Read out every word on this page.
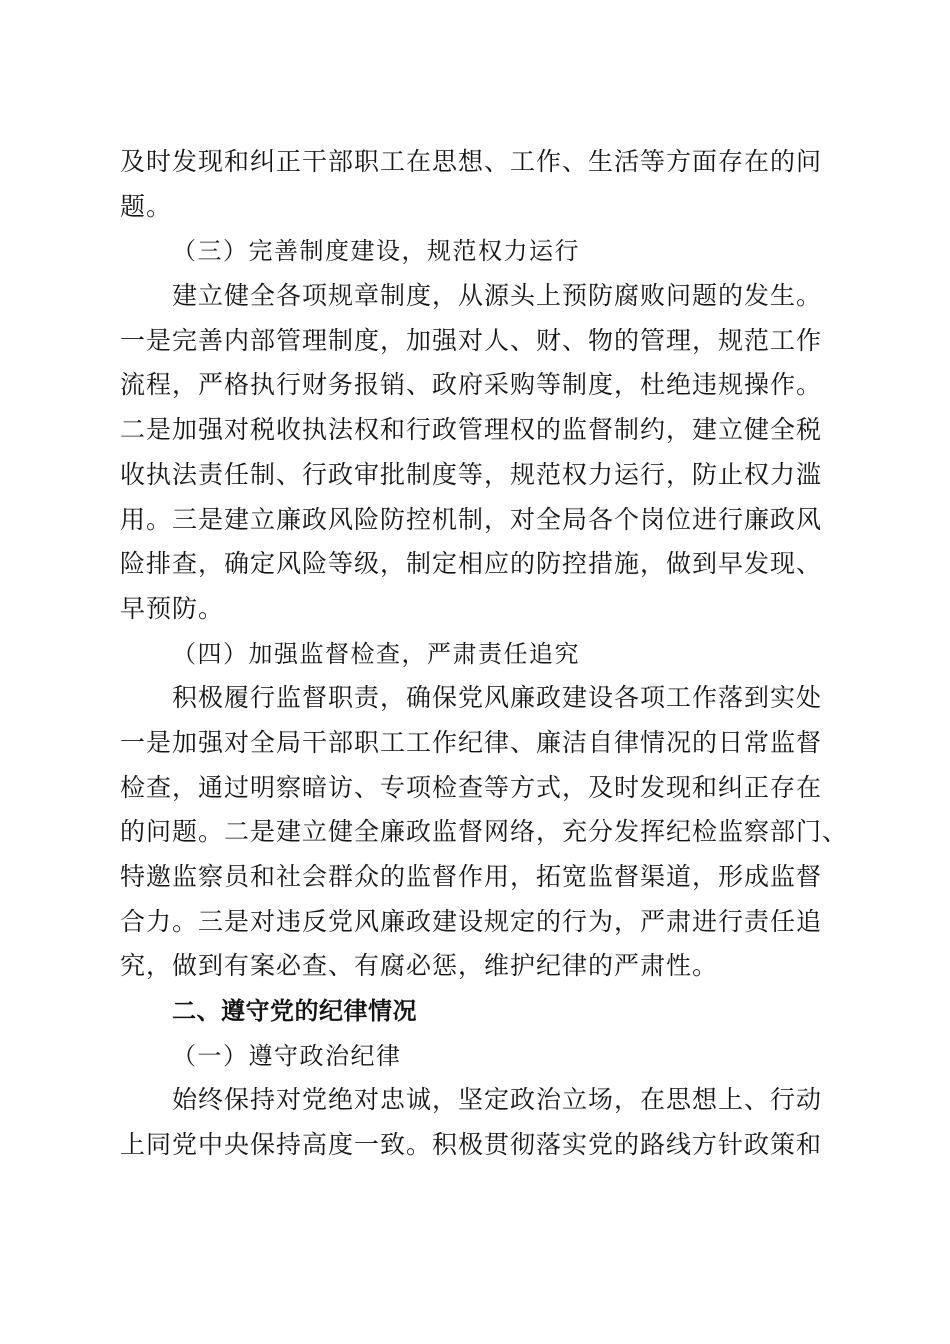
及时发现和纠正干部职工在思想、工作、生活等方面存在的问
题。
（三）完善制度建设，规范权力运行
建立健全各项规章制度，从源头上预防腐败问题的发生。
一是完善内部管理制度，加强对人、财、物的管理，规范工作
流程，严格执行财务报销、政府采购等制度，杜绝违规操作。
二是加强对税收执法权和行政管理权的监督制约，建立健全税
收执法责任制、行政审批制度等，规范权力运行，防止权力滥
用。三是建立廉政风险防控机制，对全局各个岗位进行廉政风
险排查，确定风险等级，制定相应的防控措施，做到早发现、
早预防。
（四）加强监督检查，严肃责任追究
积极履行监督职责，确保党风廉政建设各项工作落到实处
一是加强对全局干部职工工作纪律、廉洁自律情况的日常监督
检查，通过明察暗访、专项检查等方式，及时发现和纠正存在
的问题。二是建立健全廉政监督网络，充分发挥纪检监察部门、
特邀监察员和社会群众的监督作用，拓宽监督渠道，形成监督
合力。三是对违反党风廉政建设规定的行为，严肃进行责任追
究，做到有案必查、有腐必惩，维护纪律的严肃性。
二、遵守党的纪律情况
（一）遵守政治纪律
始终保持对党绝对忠诚，坚定政治立场，在思想上、行动
上同党中央保持高度一致。积极贯彻落实党的路线方针政策和
